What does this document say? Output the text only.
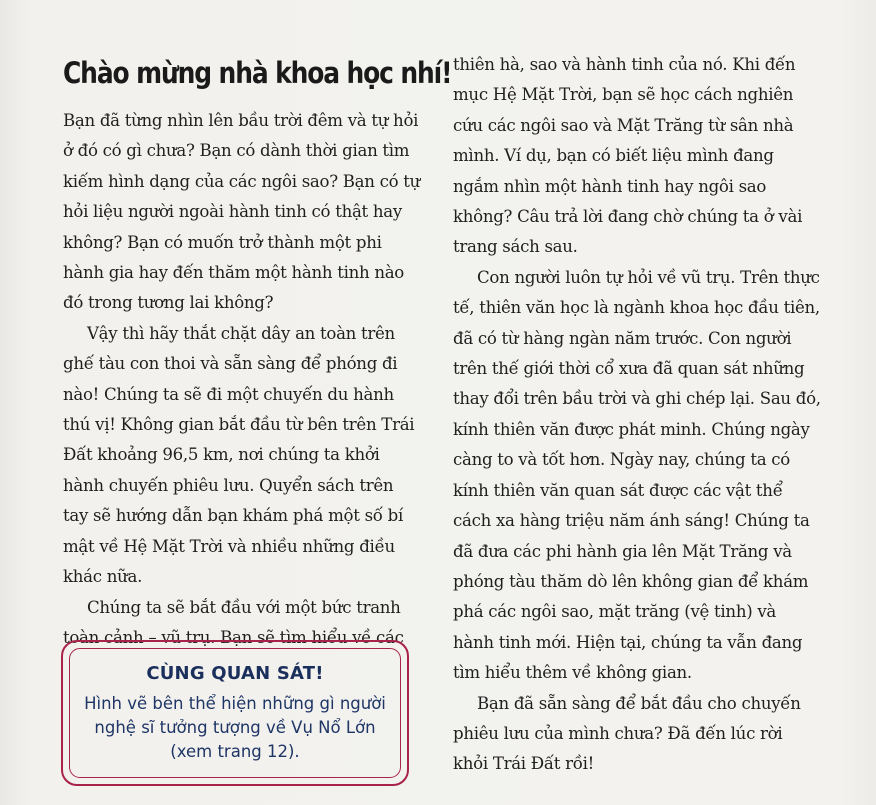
Chào mừng nhà khoa học nhí!

Bạn đã từng nhìn lên bầu trời đêm và tự hỏi ở đó có gì chưa? Bạn có dành thời gian tìm kiếm hình dạng của các ngôi sao? Bạn có tự hỏi liệu người ngoài hành tinh có thật hay không? Bạn có muốn trở thành một phi hành gia hay đến thăm một hành tinh nào đó trong tương lai không?

Vậy thì hãy thắt chặt dây an toàn trên ghế tàu con thoi và sẵn sàng để phóng đi nào! Chúng ta sẽ đi một chuyến du hành thú vị! Không gian bắt đầu từ bên trên Trái Đất khoảng 96,5 km, nơi chúng ta khởi hành chuyến phiêu lưu. Quyển sách trên tay sẽ hướng dẫn bạn khám phá một số bí mật về Hệ Mặt Trời và nhiều những điều khác nữa.

Chúng ta sẽ bắt đầu với một bức tranh toàn cảnh – vũ trụ. Bạn sẽ tìm hiểu về các

CÙNG QUAN SÁT!
Hình vẽ bên thể hiện những gì người nghệ sĩ tưởng tượng về Vụ Nổ Lớn (xem trang 12).

thiên hà, sao và hành tinh của nó. Khi đến mục Hệ Mặt Trời, bạn sẽ học cách nghiên cứu các ngôi sao và Mặt Trăng từ sân nhà mình. Ví dụ, bạn có biết liệu mình đang ngắm nhìn một hành tinh hay ngôi sao không? Câu trả lời đang chờ chúng ta ở vài trang sách sau.

Con người luôn tự hỏi về vũ trụ. Trên thực tế, thiên văn học là ngành khoa học đầu tiên, đã có từ hàng ngàn năm trước. Con người trên thế giới thời cổ xưa đã quan sát những thay đổi trên bầu trời và ghi chép lại. Sau đó, kính thiên văn được phát minh. Chúng ngày càng to và tốt hơn. Ngày nay, chúng ta có kính thiên văn quan sát được các vật thể cách xa hàng triệu năm ánh sáng! Chúng ta đã đưa các phi hành gia lên Mặt Trăng và phóng tàu thăm dò lên không gian để khám phá các ngôi sao, mặt trăng (vệ tinh) và hành tinh mới. Hiện tại, chúng ta vẫn đang tìm hiểu thêm về không gian.

Bạn đã sẵn sàng để bắt đầu cho chuyến phiêu lưu của mình chưa? Đã đến lúc rời khỏi Trái Đất rồi!
